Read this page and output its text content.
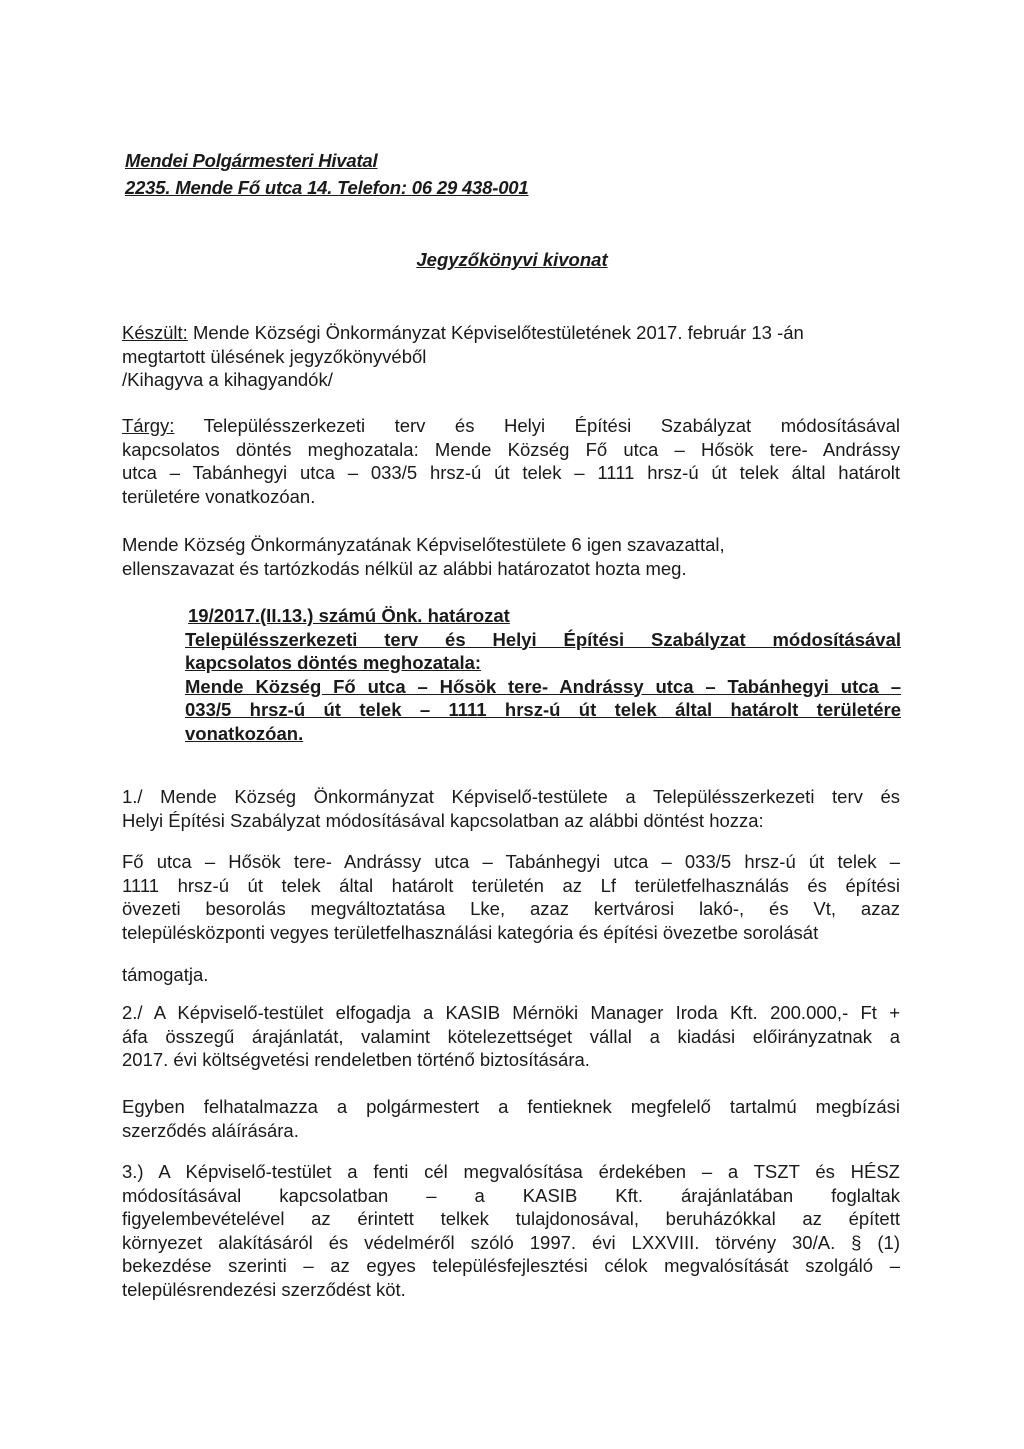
Mendei Polgármesteri Hivatal
2235. Mende Fő utca 14. Telefon: 06 29 438-001
Jegyzőkönyvi kivonat
Készült: Mende Községi Önkormányzat Képviselőtestületének 2017. február 13 -án
megtartott ülésének jegyzőkönyvéből
/Kihagyva a kihagyandók/
Tárgy: Településszerkezeti terv és Helyi Építési Szabályzat módosításával
kapcsolatos döntés meghozatala: Mende Község Fő utca – Hősök tere- Andrássy
utca – Tabánhegyi utca – 033/5 hrsz-ú út telek – 1111 hrsz-ú út telek által határolt
területére vonatkozóan.
Mende Község Önkormányzatának Képviselőtestülete 6 igen szavazattal,
ellenszavazat és tartózkodás nélkül az alábbi határozatot hozta meg.
19/2017.(II.13.) számú Önk. határozat
Településszerkezeti terv és Helyi Építési Szabályzat módosításával
kapcsolatos döntés meghozatala:
Mende Község Fő utca – Hősök tere- Andrássy utca – Tabánhegyi utca –
033/5 hrsz-ú út telek – 1111 hrsz-ú út telek által határolt területére
vonatkozóan.
1./ Mende Község Önkormányzat Képviselő-testülete a Településszerkezeti terv és
Helyi Építési Szabályzat módosításával kapcsolatban az alábbi döntést hozza:
Fő utca – Hősök tere- Andrássy utca – Tabánhegyi utca – 033/5 hrsz-ú út telek –
1111 hrsz-ú út telek által határolt területén az Lf területfelhasználás és építési
övezeti besorolás megváltoztatása Lke, azaz kertvárosi lakó-, és Vt, azaz
településközponti vegyes területfelhasználási kategória és építési övezetbe sorolását
támogatja.
2./ A Képviselő-testület elfogadja a KASIB Mérnöki Manager Iroda Kft. 200.000,- Ft +
áfa összegű árajánlatát, valamint kötelezettséget vállal a kiadási előirányzatnak a
2017. évi költségvetési rendeletben történő biztosítására.
Egyben felhatalmazza a polgármestert a fentieknek megfelelő tartalmú megbízási
szerződés aláírására.
3.) A Képviselő-testület a fenti cél megvalósítása érdekében – a TSZT és HÉSZ
módosításával kapcsolatban – a KASIB Kft. árajánlatában foglaltak
figyelembevételével az érintett telkek tulajdonosával, beruházókkal az épített
környezet alakításáról és védelméről szóló 1997. évi LXXVIII. törvény 30/A. § (1)
bekezdése szerinti – az egyes településfejlesztési célok megvalósítását szolgáló –
településrendezési szerződést köt.
